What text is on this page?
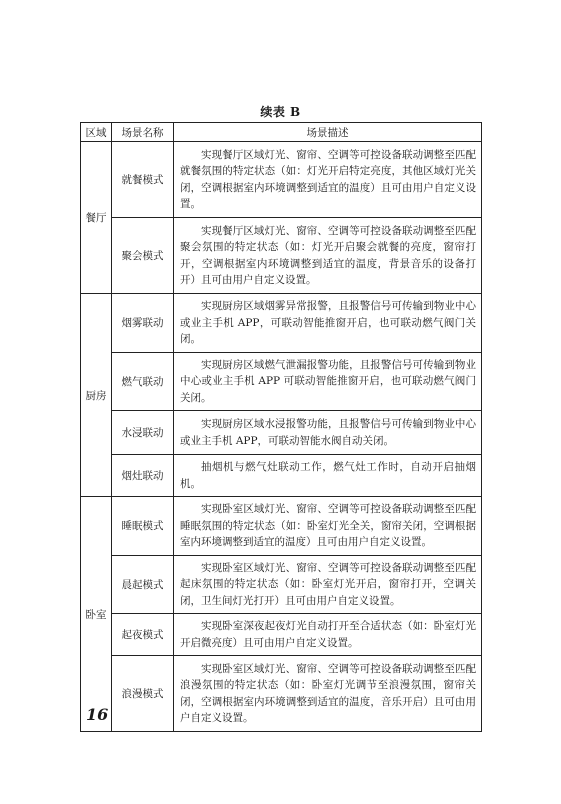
续表 B
区域	场景名称	场景描述
餐厅	就餐模式	实现餐厅区域灯光、窗帘、空调等可控设备联动调整至匹配就餐氛围的特定状态（如：灯光开启特定亮度，其他区域灯光关闭，空调根据室内环境调整到适宜的温度）且可由用户自定义设置。
	聚会模式	实现餐厅区域灯光、窗帘、空调等可控设备联动调整至匹配聚会氛围的特定状态（如：灯光开启聚会就餐的亮度，窗帘打开，空调根据室内环境调整到适宜的温度，背景音乐的设备打开）且可由用户自定义设置。
厨房	烟雾联动	实现厨房区域烟雾异常报警，且报警信号可传输到物业中心或业主手机 APP，可联动智能推窗开启，也可联动燃气阀门关闭。
	燃气联动	实现厨房区域燃气泄漏报警功能，且报警信号可传输到物业中心或业主手机 APP 可联动智能推窗开启，也可联动燃气阀门关闭。
	水浸联动	实现厨房区域水浸报警功能，且报警信号可传输到物业中心或业主手机 APP，可联动智能水阀自动关闭。
	烟灶联动	抽烟机与燃气灶联动工作，燃气灶工作时，自动开启抽烟机。
卧室	睡眠模式	实现卧室区域灯光、窗帘、空调等可控设备联动调整至匹配睡眠氛围的特定状态（如：卧室灯光全关，窗帘关闭，空调根据室内环境调整到适宜的温度）且可由用户自定义设置。
	晨起模式	实现卧室区域灯光、窗帘、空调等可控设备联动调整至匹配起床氛围的特定状态（如：卧室灯光开启，窗帘打开，空调关闭，卫生间灯光打开）且可由用户自定义设置。
	起夜模式	实现卧室深夜起夜灯光自动打开至合适状态（如：卧室灯光开启微亮度）且可由用户自定义设置。
	浪漫模式	实现卧室区域灯光、窗帘、空调等可控设备联动调整至匹配浪漫氛围的特定状态（如：卧室灯光调节至浪漫氛围，窗帘关闭，空调根据室内环境调整到适宜的温度，音乐开启）且可由用户自定义设置。
16
